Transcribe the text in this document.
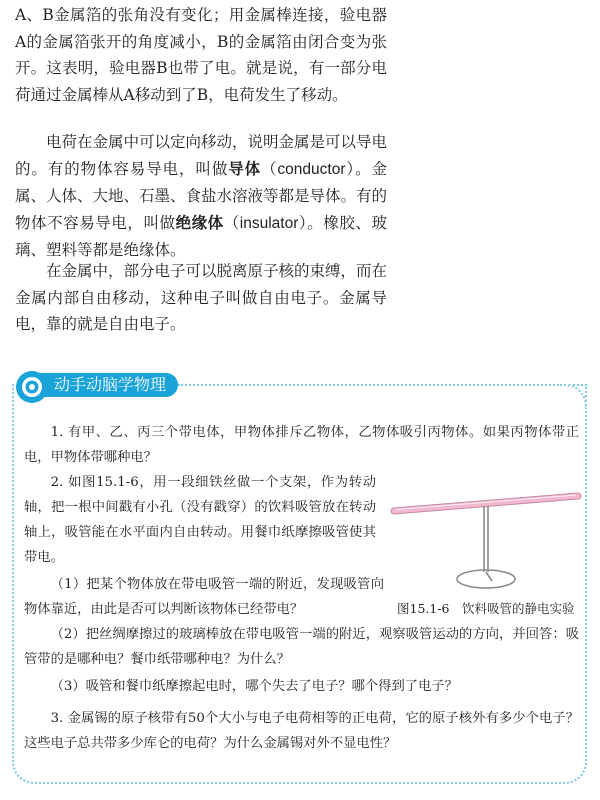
A、B金属箔的张角没有变化；用金属棒连接，验电器A的金属箔张开的角度减小，B的金属箔由闭合变为张开。这表明，验电器B也带了电。就是说，有一部分电荷通过金属棒从A移动到了B，电荷发生了移动。

电荷在金属中可以定向移动，说明金属是可以导电的。有的物体容易导电，叫做导体（conductor）。金属、人体、大地、石墨、食盐水溶液等都是导体。有的物体不容易导电，叫做绝缘体（insulator）。橡胶、玻璃、塑料等都是绝缘体。

在金属中，部分电子可以脱离原子核的束缚，而在金属内部自由移动，这种电子叫做自由电子。金属导电，靠的就是自由电子。

动手动脑学物理

1. 有甲、乙、丙三个带电体，甲物体排斥乙物体，乙物体吸引丙物体。如果丙物体带正电，甲物体带哪种电？

2. 如图15.1-6，用一段细铁丝做一个支架，作为转动轴，把一根中间戳有小孔（没有戳穿）的饮料吸管放在转动轴上，吸管能在水平面内自由转动。用餐巾纸摩擦吸管使其带电。

（1）把某个物体放在带电吸管一端的附近，发现吸管向物体靠近，由此是否可以判断该物体已经带电？

（2）把丝绸摩擦过的玻璃棒放在带电吸管一端的附近，观察吸管运动的方向，并回答：吸管带的是哪种电？餐巾纸带哪种电？为什么？

（3）吸管和餐巾纸摩擦起电时，哪个失去了电子？哪个得到了电子？

3. 金属锡的原子核带有50个大小与电子电荷相等的正电荷，它的原子核外有多少个电子？这些电子总共带多少库仑的电荷？为什么金属锡对外不显电性？

图15.1-6　饮料吸管的静电实验
